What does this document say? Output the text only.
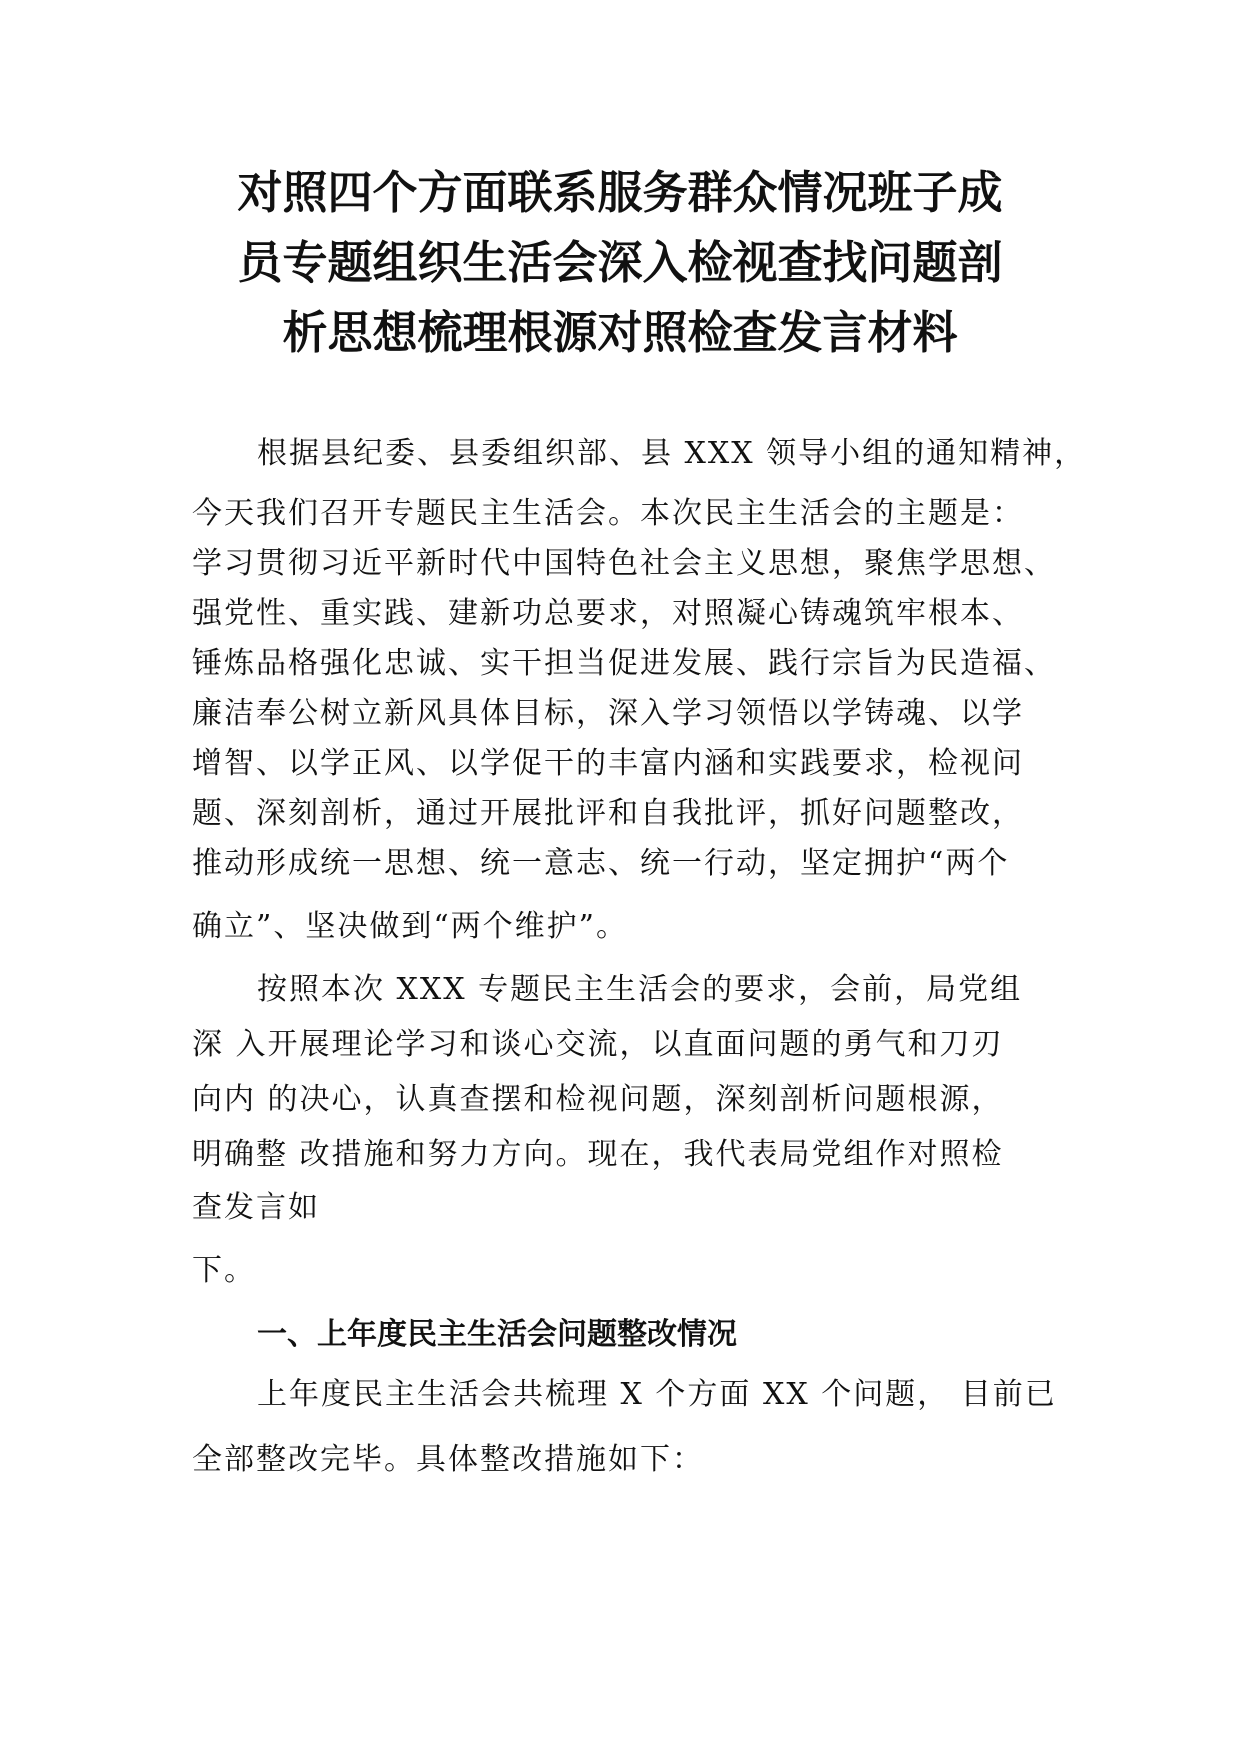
对照四个方面联系服务群众情况班子成
员专题组织生活会深入检视查找问题剖
析思想梳理根源对照检查发言材料
根据县纪委、县委组织部、县 XXX 领导小组的通知精神，
今天我们召开专题民主生活会。本次民主生活会的主题是：
学习贯彻习近平新时代中国特色社会主义思想，聚焦学思想、
强党性、重实践、建新功总要求，对照凝心铸魂筑牢根本、
锤炼品格强化忠诚、实干担当促进发展、践行宗旨为民造福、
廉洁奉公树立新风具体目标，深入学习领悟以学铸魂、以学
增智、以学正风、以学促干的丰富内涵和实践要求，检视问
题、深刻剖析，通过开展批评和自我批评，抓好问题整改，
推动形成统一思想、统一意志、统一行动，坚定拥护“两个
确立”、坚决做到“两个维护”。
按照本次 XXX 专题民主生活会的要求，会前，局党组
深 入开展理论学习和谈心交流，以直面问题的勇气和刀刃
向内 的决心，认真查摆和检视问题，深刻剖析问题根源，
明确整 改措施和努力方向。现在，我代表局党组作对照检
查发言如
下。
一、上年度民主生活会问题整改情况
上年度民主生活会共梳理 X 个方面 XX 个问题， 目前已
全部整改完毕。具体整改措施如下：
